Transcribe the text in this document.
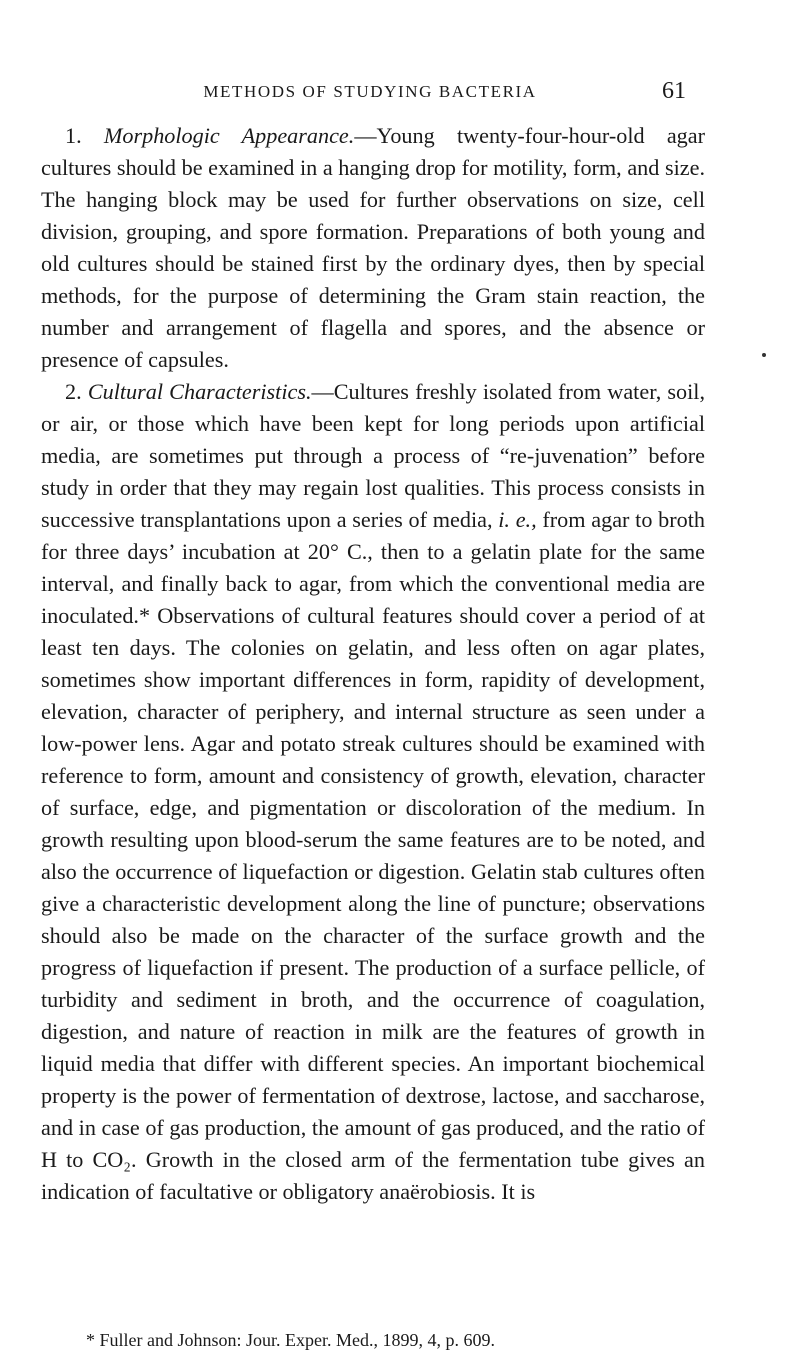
METHODS OF STUDYING BACTERIA	61

1. Morphologic Appearance.—Young twenty-four-hour-old agar cultures should be examined in a hanging drop for motility, form, and size. The hanging block may be used for further observations on size, cell division, grouping, and spore formation. Preparations of both young and old cultures should be stained first by the ordinary dyes, then by special methods, for the purpose of determining the Gram stain reaction, the number and arrangement of flagella and spores, and the absence or presence of capsules.

2. Cultural Characteristics.—Cultures freshly isolated from water, soil, or air, or those which have been kept for long periods upon artificial media, are sometimes put through a process of “re-juvenation” before study in order that they may regain lost qualities. This process consists in successive transplantations upon a series of media, i. e., from agar to broth for three days’ incubation at 20° C., then to a gelatin plate for the same interval, and finally back to agar, from which the conventional media are inoculated.* Observations of cultural features should cover a period of at least ten days. The colonies on gelatin, and less often on agar plates, sometimes show important differences in form, rapidity of development, elevation, character of periphery, and internal structure as seen under a low-power lens. Agar and potato streak cultures should be examined with reference to form, amount and consistency of growth, elevation, character of surface, edge, and pigmentation or discoloration of the medium. In growth resulting upon blood-serum the same features are to be noted, and also the occurrence of liquefaction or digestion. Gelatin stab cultures often give a characteristic development along the line of puncture; observations should also be made on the character of the surface growth and the progress of liquefaction if present. The production of a surface pellicle, of turbidity and sediment in broth, and the occurrence of coagulation, digestion, and nature of reaction in milk are the features of growth in liquid media that differ with different species. An important biochemical property is the power of fermentation of dextrose, lactose, and saccharose, and in case of gas production, the amount of gas produced, and the ratio of H to CO₂. Growth in the closed arm of the fermentation tube gives an indication of facultative or obligatory anaërobiosis. It is

* Fuller and Johnson: Jour. Exper. Med., 1899, 4, p. 609.
